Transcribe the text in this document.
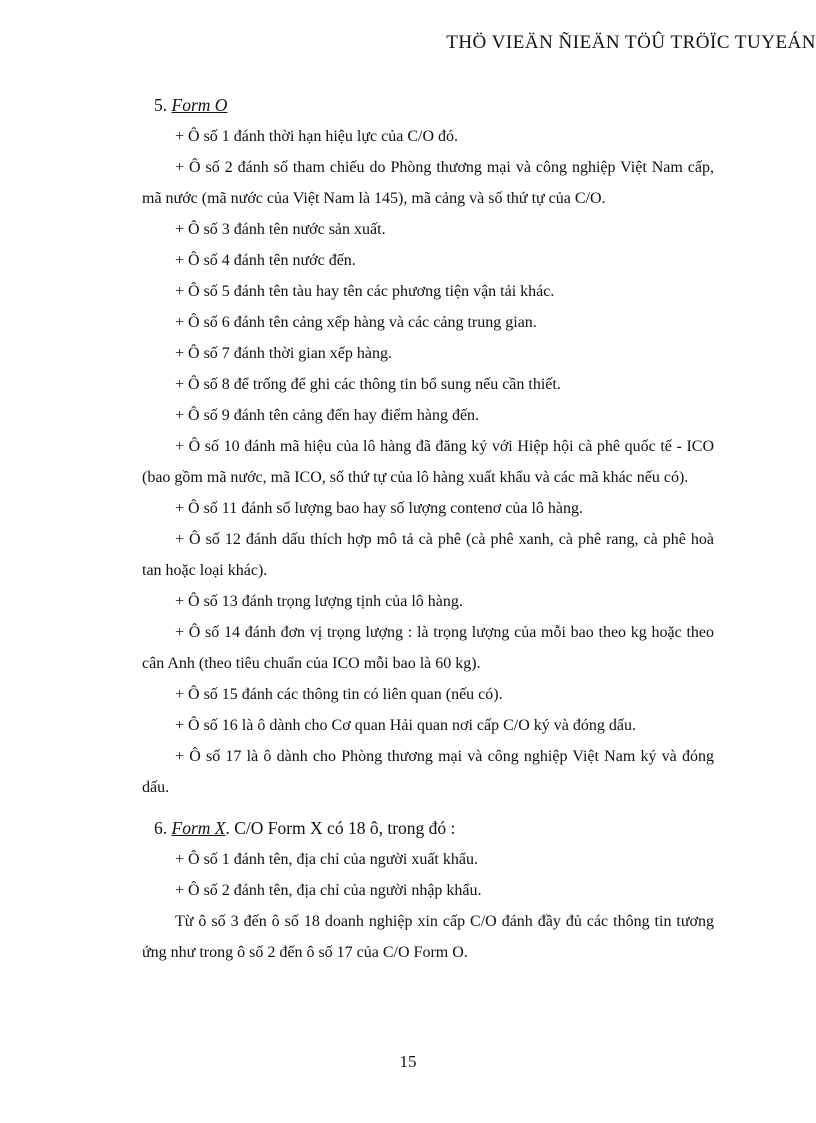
THÖ VIEÄN ÑIEÄN TÖÛ TRÖÏC TUYEÁN
5. Form O

+ Ô số 1 đánh thời hạn hiệu lực của C/O đó.

+ Ô số 2 đánh số tham chiếu do Phòng thương mại và công nghiệp Việt Nam cấp, mã nước (mã nước của Việt Nam là 145), mã cảng và số thứ tự của C/O.

+ Ô số 3 đánh tên nước sản xuất.

+ Ô số 4 đánh tên nước đến.

+ Ô số 5 đánh tên tàu hay tên các phương tiện vận tải khác.

+ Ô số 6 đánh tên cảng xếp hàng và các cảng trung gian.

+ Ô số 7 đánh thời gian xếp hàng.

+ Ô số 8 để trống để ghi các thông tin bổ sung nếu cần thiết.

+ Ô số 9 đánh tên cảng đến hay điểm hàng đến.

+ Ô số 10 đánh mã hiệu của lô hàng đã đăng ký với Hiệp hội cà phê quốc tế - ICO (bao gồm mã nước, mã ICO, số thứ tự của lô hàng xuất khẩu và các mã khác nếu có).

+ Ô số 11 đánh số lượng bao hay số lượng contenơ của lô hàng.

+ Ô số 12 đánh dấu thích hợp mô tả cà phê (cà phê xanh, cà phê rang, cà phê hoà tan hoặc loại khác).

+ Ô số 13 đánh trọng lượng tịnh của lô hàng.

+ Ô số 14 đánh đơn vị trọng lượng : là trọng lượng của mỗi bao theo kg hoặc theo cân Anh (theo tiêu chuẩn của ICO mỗi bao là 60 kg).

+ Ô số 15 đánh các thông tin có liên quan (nếu có).

+ Ô số 16 là ô dành cho Cơ quan Hải quan nơi cấp C/O ký và đóng dấu.

+ Ô số 17 là ô dành cho Phòng thương mại và công nghiệp Việt Nam ký và đóng dấu.

6. Form X. C/O Form X có 18 ô, trong đó :

+ Ô số 1 đánh tên, địa chỉ của người xuất khẩu.

+ Ô số 2 đánh tên, địa chỉ của người nhập khẩu.

Từ ô số 3 đến ô số 18 doanh nghiệp xin cấp C/O đánh đầy đủ các thông tin tương ứng như trong ô số 2 đến ô số 17 của C/O Form O.

15
